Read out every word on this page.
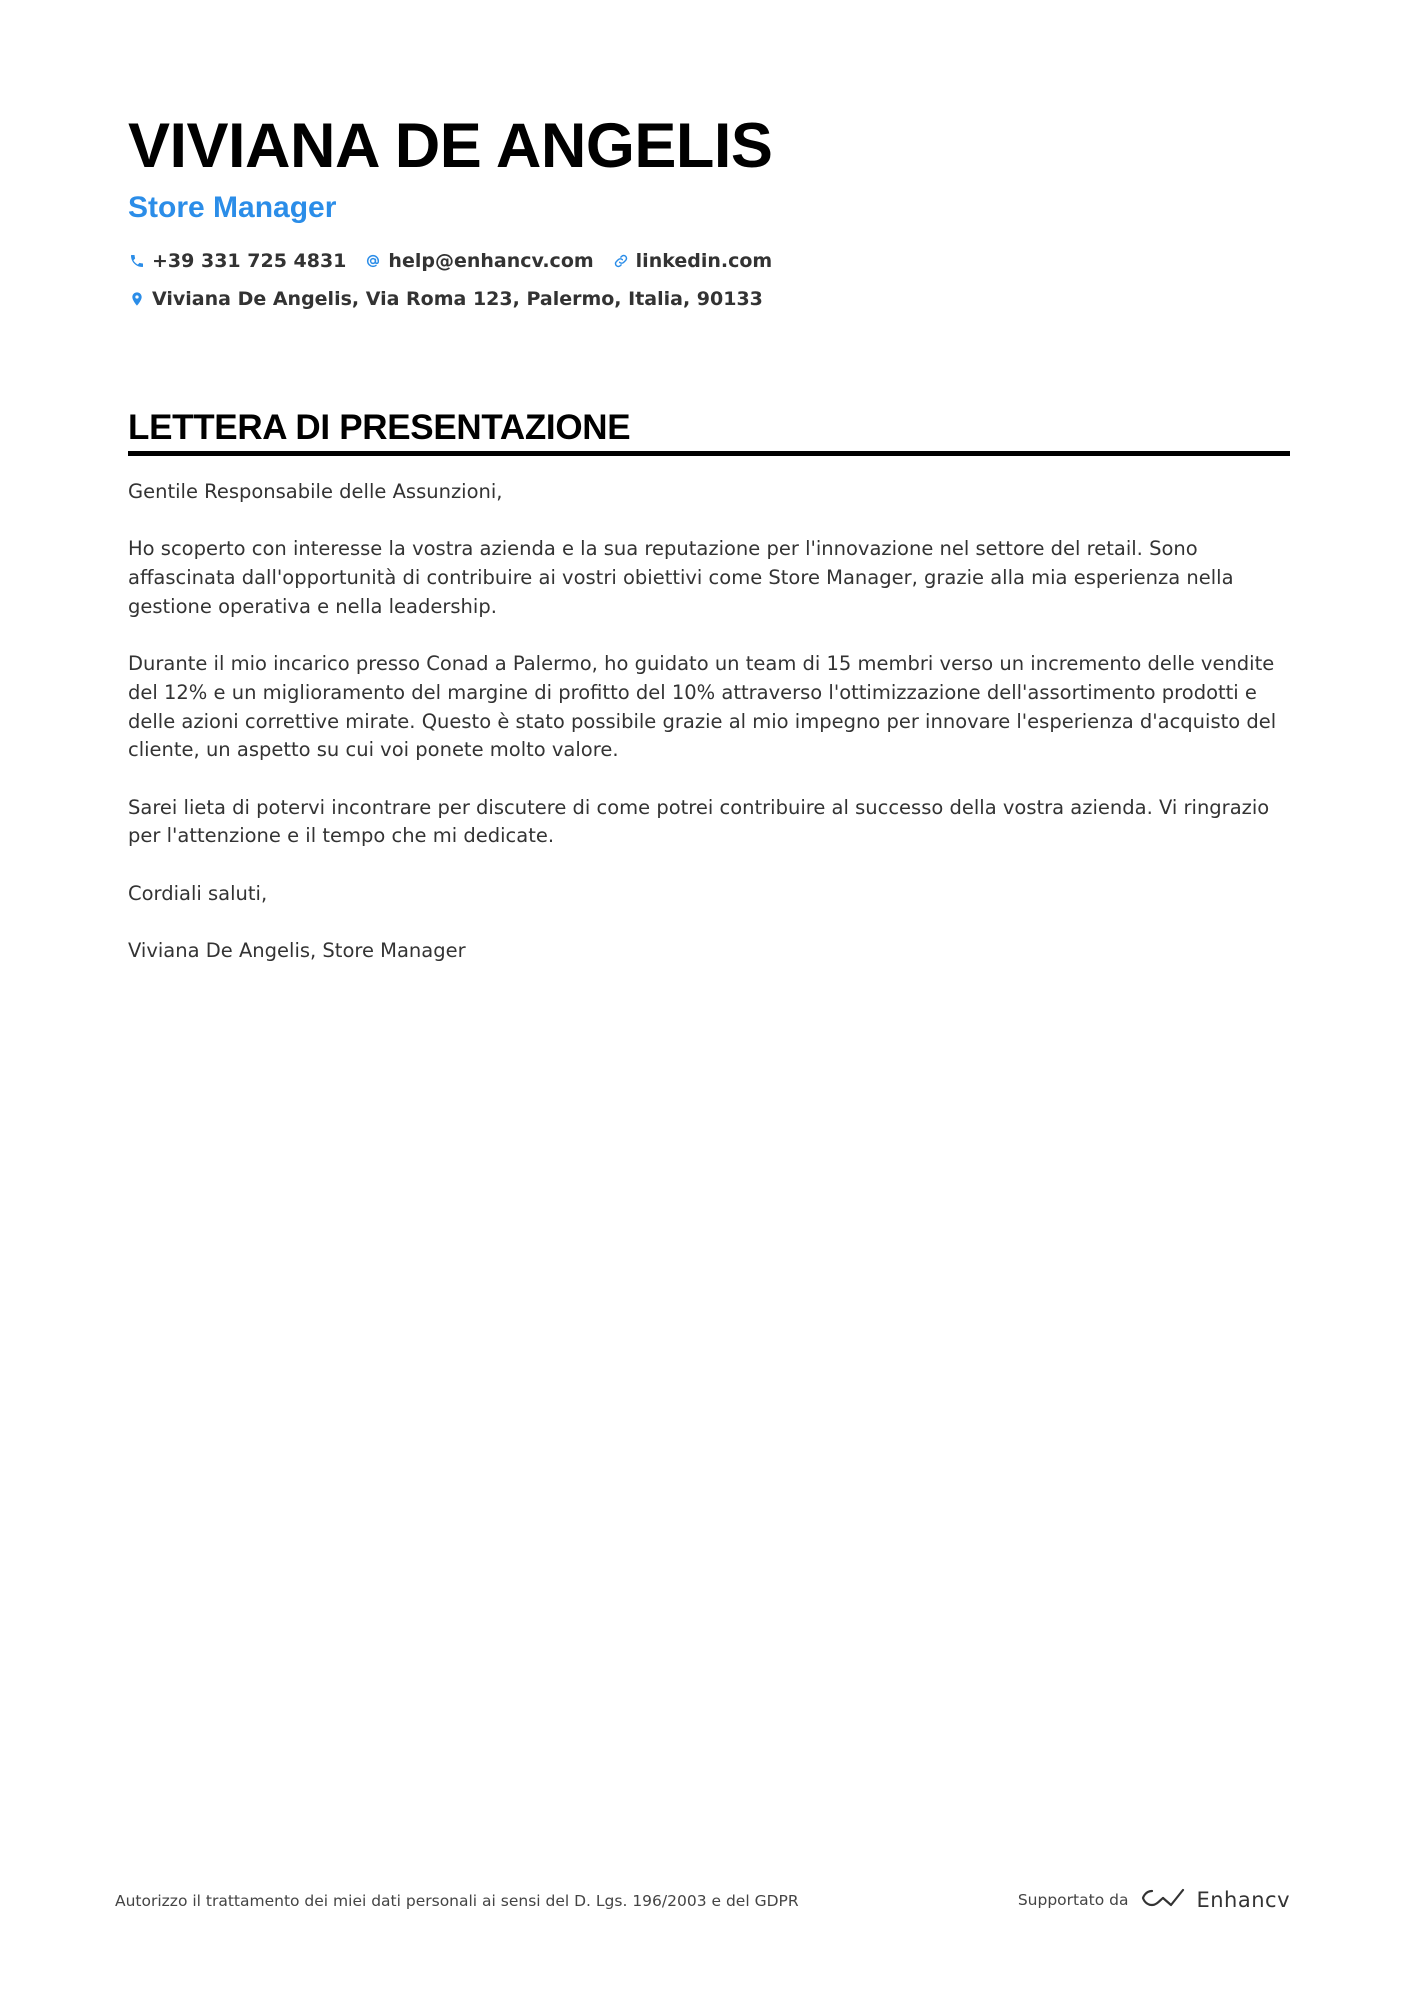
VIVIANA DE ANGELIS
Store Manager
+39 331 725 4831 help@enhancv.com linkedin.com
Viviana De Angelis, Via Roma 123, Palermo, Italia, 90133
LETTERA DI PRESENTAZIONE

Gentile Responsabile delle Assunzioni,

Ho scoperto con interesse la vostra azienda e la sua reputazione per l'innovazione nel settore del retail. Sono affascinata dall'opportunità di contribuire ai vostri obiettivi come Store Manager, grazie alla mia esperienza nella gestione operativa e nella leadership.

Durante il mio incarico presso Conad a Palermo, ho guidato un team di 15 membri verso un incremento delle vendite del 12% e un miglioramento del margine di profitto del 10% attraverso l'ottimizzazione dell'assortimento prodotti e delle azioni correttive mirate. Questo è stato possibile grazie al mio impegno per innovare l'esperienza d'acquisto del cliente, un aspetto su cui voi ponete molto valore.

Sarei lieta di potervi incontrare per discutere di come potrei contribuire al successo della vostra azienda. Vi ringrazio per l'attenzione e il tempo che mi dedicate.

Cordiali saluti,

Viviana De Angelis, Store Manager

Autorizzo il trattamento dei miei dati personali ai sensi del D. Lgs. 196/2003 e del GDPR	Supportato da	Enhancv
